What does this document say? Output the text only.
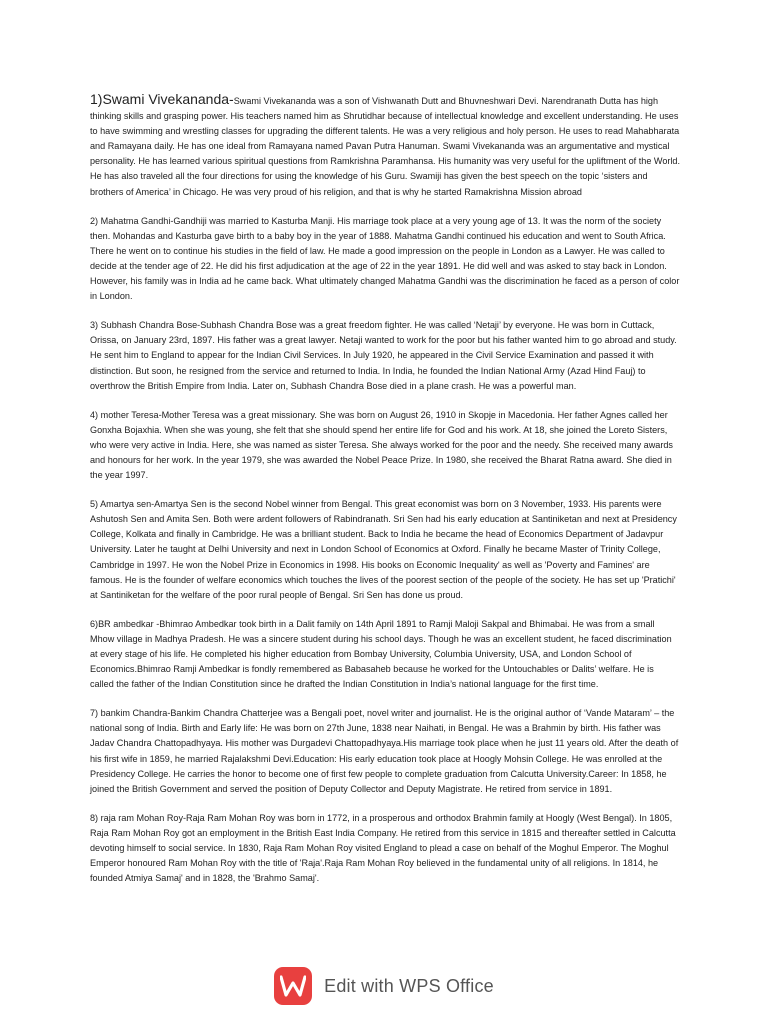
1)Swami Vivekananda-Swami Vivekananda was a son of Vishwanath Dutt and Bhuvneshwari Devi. Narendranath Dutta has high thinking skills and grasping power. His teachers named him as Shrutidhar because of intellectual knowledge and excellent understanding. He uses to have swimming and wrestling classes for upgrading the different talents. He was a very religious and holy person. He uses to read Mahabharata and Ramayana daily. He has one ideal from Ramayana named Pavan Putra Hanuman. Swami Vivekananda was an argumentative and mystical personality. He has learned various spiritual questions from Ramkrishna Paramhansa. His humanity was very useful for the upliftment of the World. He has also traveled all the four directions for using the knowledge of his Guru. Swamiji has given the best speech on the topic ‘sisters and brothers of America’ in Chicago. He was very proud of his religion, and that is why he started Ramakrishna Mission abroad

2) Mahatma Gandhi-Gandhiji was married to Kasturba Manji. His marriage took place at a very young age of 13. It was the norm of the society then. Mohandas and Kasturba gave birth to a baby boy in the year of 1888. Mahatma Gandhi continued his education and went to South Africa. There he went on to continue his studies in the field of law. He made a good impression on the people in London as a Lawyer. He was called to decide at the tender age of 22. He did his first adjudication at the age of 22 in the year 1891. He did well and was asked to stay back in London. However, his family was in India ad he came back. What ultimately changed Mahatma Gandhi was the discrimination he faced as a person of color in London.

3) Subhash Chandra Bose-Subhash Chandra Bose was a great freedom fighter. He was called ‘Netaji’ by everyone. He was born in Cuttack, Orissa, on January 23rd, 1897. His father was a great lawyer. Netaji wanted to work for the poor but his father wanted him to go abroad and study. He sent him to England to appear for the Indian Civil Services. In July 1920, he appeared in the Civil Service Examination and passed it with distinction. But soon, he resigned from the service and returned to India. In India, he founded the Indian National Army (Azad Hind Fauj) to overthrow the British Empire from India. Later on, Subhash Chandra Bose died in a plane crash. He was a powerful man.

4) mother Teresa-Mother Teresa was a great missionary. She was born on August 26, 1910 in Skopje in Macedonia. Her father Agnes called her Gonxha Bojaxhia. When she was young, she felt that she should spend her entire life for God and his work. At 18, she joined the Loreto Sisters, who were very active in India. Here, she was named as sister Teresa. She always worked for the poor and the needy. She received many awards and honours for her work. In the year 1979, she was awarded the Nobel Peace Prize. In 1980, she received the Bharat Ratna award. She died in the year 1997.

5) Amartya sen-Amartya Sen is the second Nobel winner from Bengal. This great economist was born on 3 November, 1933. His parents were Ashutosh Sen and Amita Sen. Both were ardent followers of Rabindranath. Sri Sen had his early education at Santiniketan and next at Presidency College, Kolkata and finally in Cambridge. He was a brilliant student. Back to India he became the head of Economics Department of Jadavpur University. Later he taught at Delhi University and next in London School of Economics at Oxford. Finally he became Master of Trinity College, Cambridge in 1997. He won the Nobel Prize in Economics in 1998. His books on Economic Inequality' as well as 'Poverty and Famines' are famous. He is the founder of welfare economics which touches the lives of the poorest section of the people of the society. He has set up 'Pratichi' at Santiniketan for the welfare of the poor rural people of Bengal. Sri Sen has done us proud.

6)BR ambedkar -Bhimrao Ambedkar took birth in a Dalit family on 14th April 1891 to Ramji Maloji Sakpal and Bhimabai. He was from a small Mhow village in Madhya Pradesh. He was a sincere student during his school days. Though he was an excellent student, he faced discrimination at every stage of his life. He completed his higher education from Bombay University, Columbia University, USA, and London School of Economics.Bhimrao Ramji Ambedkar is fondly remembered as Babasaheb because he worked for the Untouchables or Dalits’ welfare. He is called the father of the Indian Constitution since he drafted the Indian Constitution in India’s national language for the first time.

7) bankim Chandra-Bankim Chandra Chatterjee was a Bengali poet, novel writer and journalist. He is the original author of ‘Vande Mataram’ – the national song of India. Birth and Early life: He was born on 27th June, 1838 near Naihati, in Bengal. He was a Brahmin by birth. His father was Jadav Chandra Chattopadhyaya. His mother was Durgadevi Chattopadhyaya.His marriage took place when he just 11 years old. After the death of his first wife in 1859, he married Rajalakshmi Devi.Education: His early education took place at Hoogly Mohsin College. He was enrolled at the Presidency College. He carries the honor to become one of first few people to complete graduation from Calcutta University.Career: In 1858, he joined the British Government and served the position of Deputy Collector and Deputy Magistrate. He retired from service in 1891.

8) raja ram Mohan Roy-Raja Ram Mohan Roy was born in 1772, in a prosperous and orthodox Brahmin family at Hoogly (West Bengal). In 1805, Raja Ram Mohan Roy got an employment in the British East India Company. He retired from this service in 1815 and thereafter settled in Calcutta devoting himself to social service. In 1830, Raja Ram Mohan Roy visited England to plead a case on behalf of the Moghul Emperor. The Moghul Emperor honoured Ram Mohan Roy with the title of 'Raja'.Raja Ram Mohan Roy believed in the fundamental unity of all religions. In 1814, he founded Atmiya Samaj' and in 1828, the 'Brahmo Samaj'.

Edit with WPS Office
